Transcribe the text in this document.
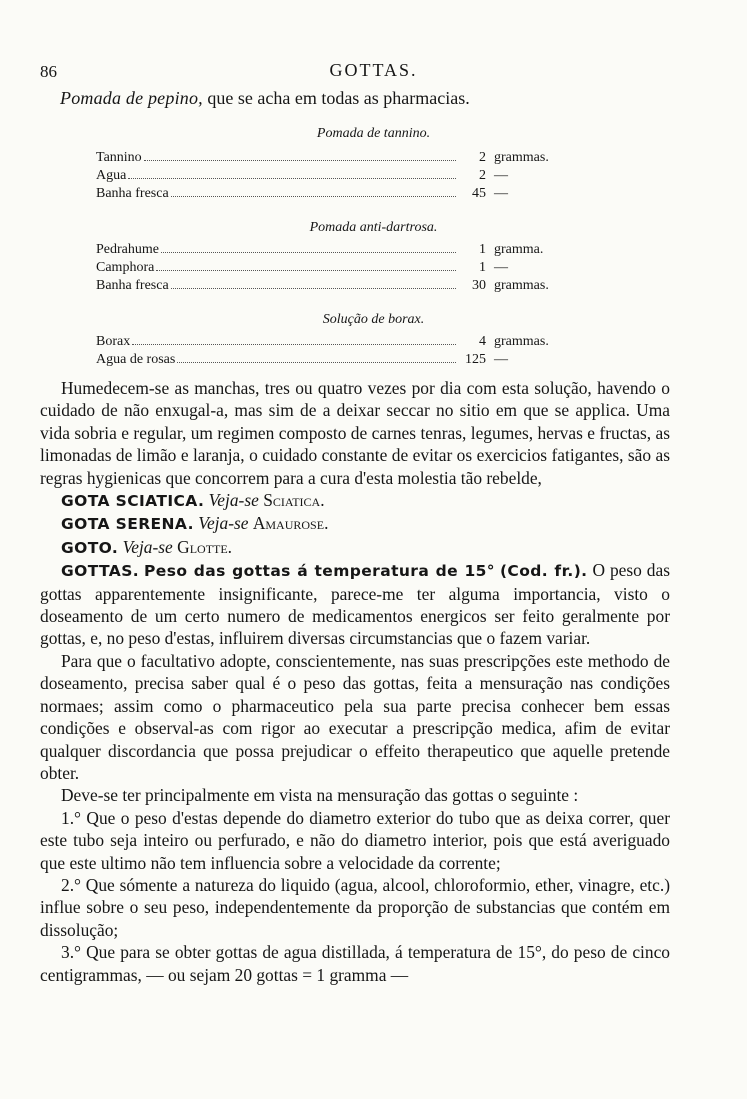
86	GOTTAS.
Pomada de pepino, que se acha em todas as pharmacias.
Pomada de tannino.
Tannino	2 grammas.
Agua	2 —
Banha fresca	45 —
Pomada anti-dartrosa.
Pedrahume	1 gramma.
Camphora	1 —
Banha fresca	30 grammas.
Solução de borax.
Borax	4 grammas.
Agua de rosas	125 —

Humedecem-se as manchas, tres ou quatro vezes por dia com esta solução, havendo o cuidado de não enxugal-a, mas sim de a deixar seccar no sitio em que se applica. Uma vida sobria e regular, um regimen composto de carnes tenras, legumes, hervas e fructas, as limonadas de limão e laranja, o cuidado constante de evitar os exercicios fatigantes, são as regras hygienicas que concorrem para a cura d'esta molestia tão rebelde,

GOTA SCIATICA. Veja-se Sciatica.

GOTA SERENA. Veja-se Amaurose.

GOTO. Veja-se Glotte.

GOTTAS. Peso das gottas á temperatura de 15° (Cod. fr.). O peso das gottas apparentemente insignificante, parece-me ter alguma importancia, visto o doseamento de um certo numero de medicamentos energicos ser feito geralmente por gottas, e, no peso d'estas, influirem diversas circumstancias que o fazem variar.

Para que o facultativo adopte, conscientemente, nas suas prescripções este methodo de doseamento, precisa saber qual é o peso das gottas, feita a mensuração nas condições normaes; assim como o pharmaceutico pela sua parte precisa conhecer bem essas condições e observal-as com rigor ao executar a prescripção medica, afim de evitar qualquer discordancia que possa prejudicar o effeito therapeutico que aquelle pretende obter.

Deve-se ter principalmente em vista na mensuração das gottas o seguinte :

1.° Que o peso d'estas depende do diametro exterior do tubo que as deixa correr, quer este tubo seja inteiro ou perfurado, e não do diametro interior, pois que está averiguado que este ultimo não tem influencia sobre a velocidade da corrente;

2.° Que sómente a natureza do liquido (agua, alcool, chloroformio, ether, vinagre, etc.) influe sobre o seu peso, independentemente da proporção de substancias que contém em dissolução;

3.° Que para se obter gottas de agua distillada, á temperatura de 15°, do peso de cinco centigrammas, — ou sejam 20 gottas = 1 gramma —
